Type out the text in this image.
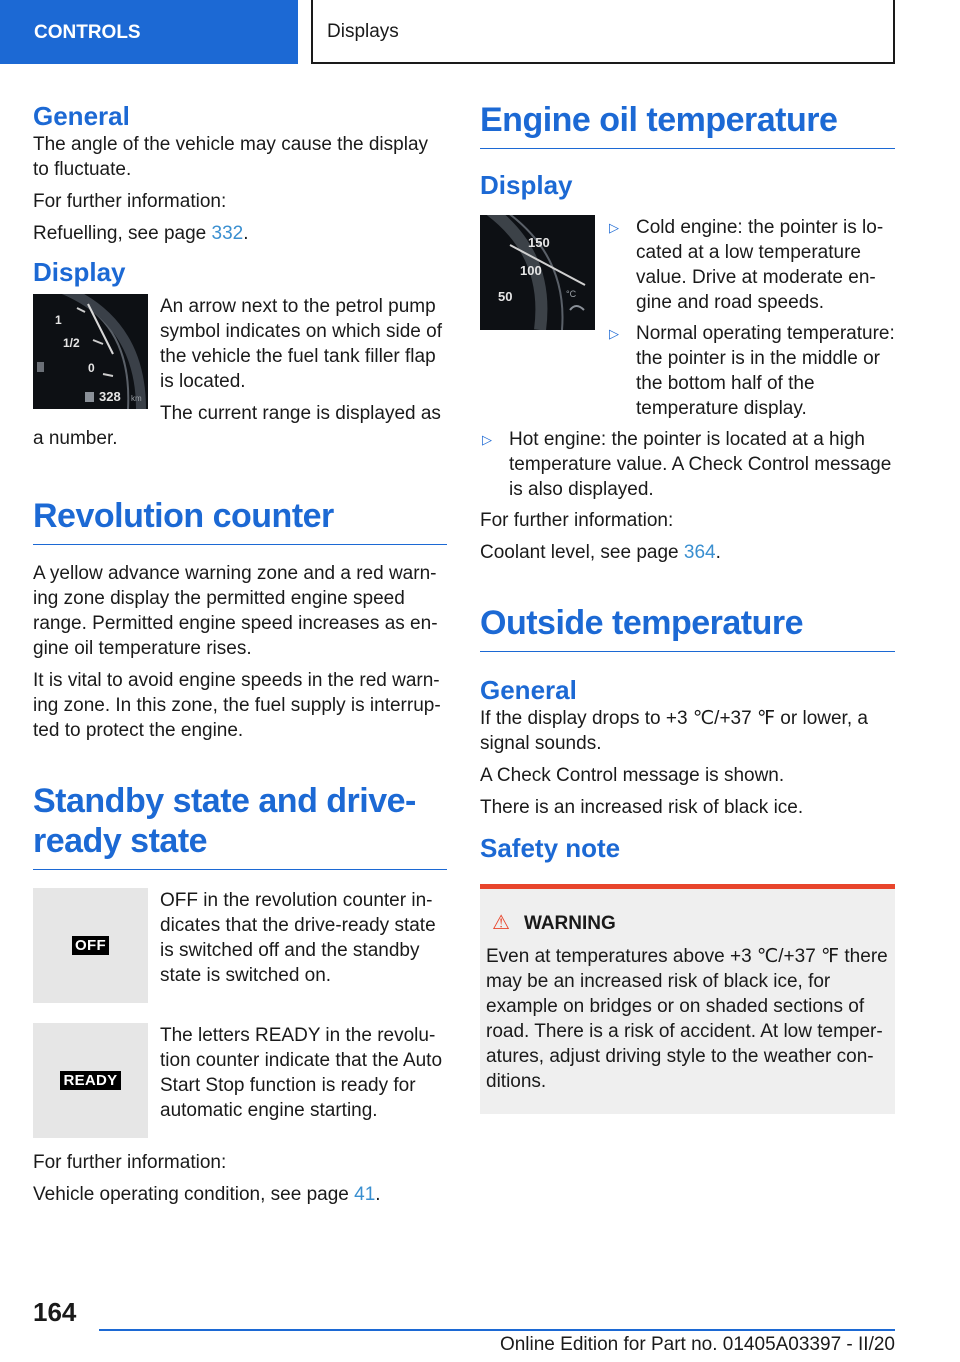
CONTROLS	Displays
General

The angle of the vehicle may cause the display to fluctuate.

For further information:

Refuelling, see page 332.

Display
1
1/2
0
328 km

An arrow next to the petrol pump symbol indicates on which side of the vehicle the fuel tank filler flap is located.

The current range is displayed as a number.

Revolution counter

A yellow advance warning zone and a red warning zone display the permitted engine speed range. Permitted engine speed increases as engine oil temperature rises.

It is vital to avoid engine speeds in the red warning zone. In this zone, the fuel supply is interrupted to protect the engine.

Standby state and drive-ready state
OFF

OFF in the revolution counter indicates that the drive-ready state is switched off and the standby state is switched on.

READY

The letters READY in the revolution counter indicate that the Auto Start Stop function is ready for automatic engine starting.

For further information:

Vehicle operating condition, see page 41.

Engine oil temperature
Display
150
100
50	°C
▷ Cold engine: the pointer is located at a low temperature value. Drive at moderate engine and road speeds.
▷ Normal operating temperature: the pointer is in the middle or the bottom half of the temperature display.
▷ Hot engine: the pointer is located at a high temperature value. A Check Control message is also displayed.

For further information:

Coolant level, see page 364.

Outside temperature
General

If the display drops to +3 ℃/+37 ℉ or lower, a signal sounds.

A Check Control message is shown.

There is an increased risk of black ice.

Safety note
⚠ WARNING

Even at temperatures above +3 ℃/+37 ℉ there may be an increased risk of black ice, for example on bridges or on shaded sections of road. There is a risk of accident. At low temperatures, adjust driving style to the weather conditions.

164
Online Edition for Part no. 01405A03397 - II/20
